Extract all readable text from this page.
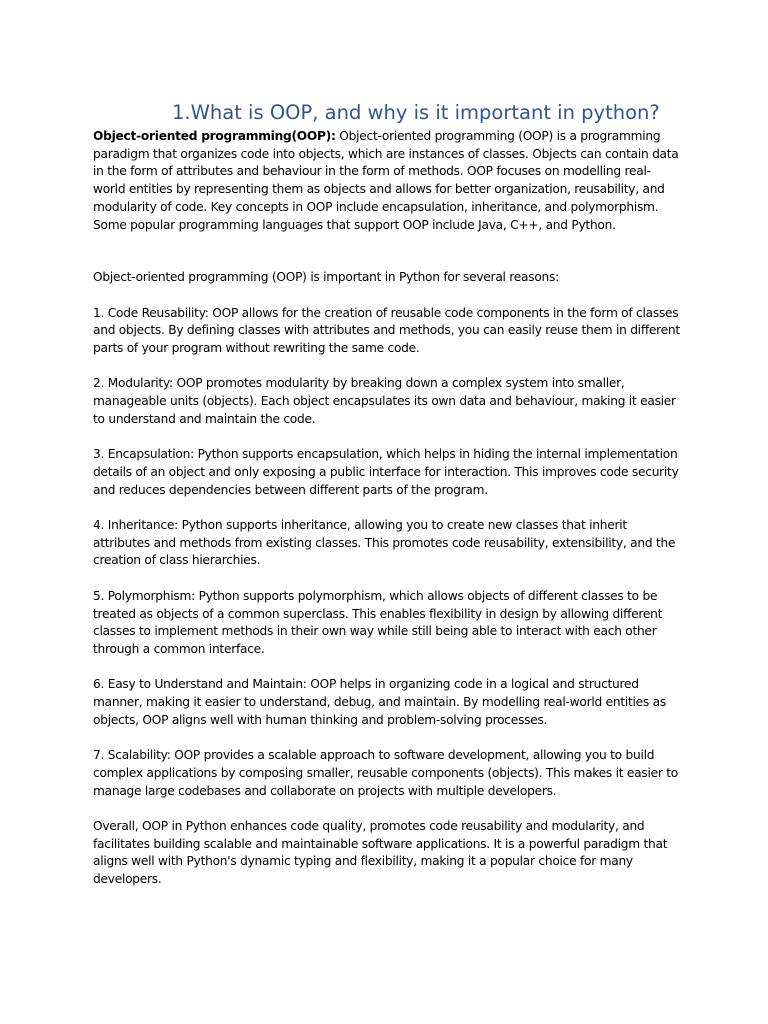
1.What is OOP, and why is it important in python?

Object-oriented programming(OOP): Object-oriented programming (OOP) is a programming paradigm that organizes code into objects, which are instances of classes. Objects can contain data in the form of attributes and behaviour in the form of methods. OOP focuses on modelling real-world entities by representing them as objects and allows for better organization, reusability, and modularity of code. Key concepts in OOP include encapsulation, inheritance, and polymorphism. Some popular programming languages that support OOP include Java, C++, and Python.

Object-oriented programming (OOP) is important in Python for several reasons:

1. Code Reusability: OOP allows for the creation of reusable code components in the form of classes and objects. By defining classes with attributes and methods, you can easily reuse them in different parts of your program without rewriting the same code.

2. Modularity: OOP promotes modularity by breaking down a complex system into smaller, manageable units (objects). Each object encapsulates its own data and behaviour, making it easier to understand and maintain the code.

3. Encapsulation: Python supports encapsulation, which helps in hiding the internal implementation details of an object and only exposing a public interface for interaction. This improves code security and reduces dependencies between different parts of the program.

4. Inheritance: Python supports inheritance, allowing you to create new classes that inherit attributes and methods from existing classes. This promotes code reusability, extensibility, and the creation of class hierarchies.

5. Polymorphism: Python supports polymorphism, which allows objects of different classes to be treated as objects of a common superclass. This enables flexibility in design by allowing different classes to implement methods in their own way while still being able to interact with each other through a common interface.

6. Easy to Understand and Maintain: OOP helps in organizing code in a logical and structured manner, making it easier to understand, debug, and maintain. By modelling real-world entities as objects, OOP aligns well with human thinking and problem-solving processes.

7. Scalability: OOP provides a scalable approach to software development, allowing you to build complex applications by composing smaller, reusable components (objects). This makes it easier to manage large codebases and collaborate on projects with multiple developers.

Overall, OOP in Python enhances code quality, promotes code reusability and modularity, and facilitates building scalable and maintainable software applications. It is a powerful paradigm that aligns well with Python's dynamic typing and flexibility, making it a popular choice for many developers.
